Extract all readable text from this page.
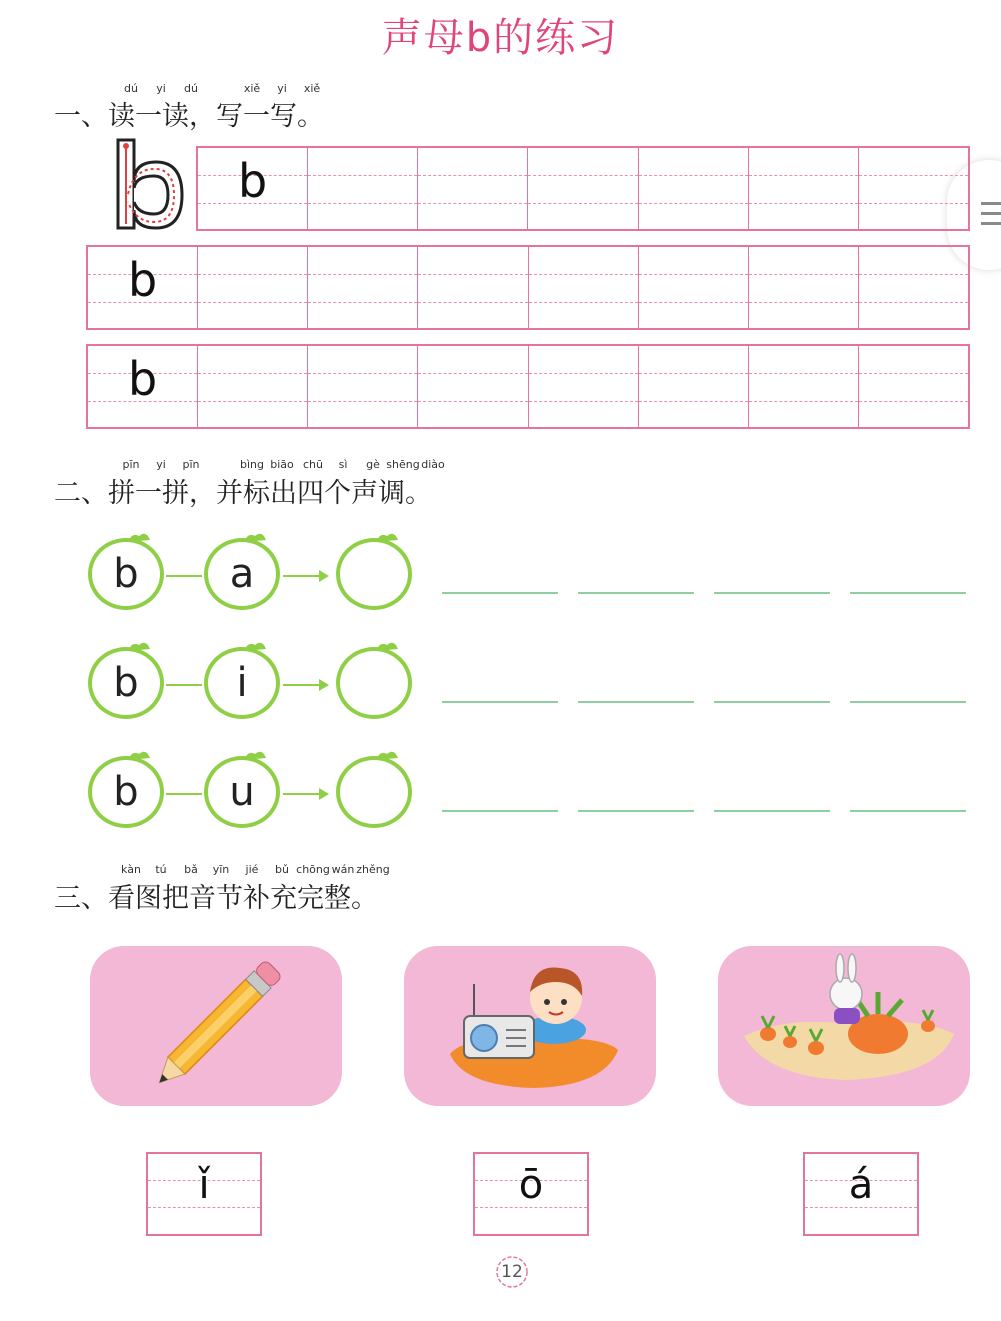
声母b的练习
dú yi dú	xiě yi xiě
一、读一读，写一写。
b
b
b
pīn yi pīn	bìng biāo chū sì gè shēng diào
二、拼一拼，并标出四个声调。
b	a
b	i
b	u
kàn tú bǎ yīn jié bǔ chōng wán zhěng
三、看图把音节补充完整。
ǐ	ō	á
12
